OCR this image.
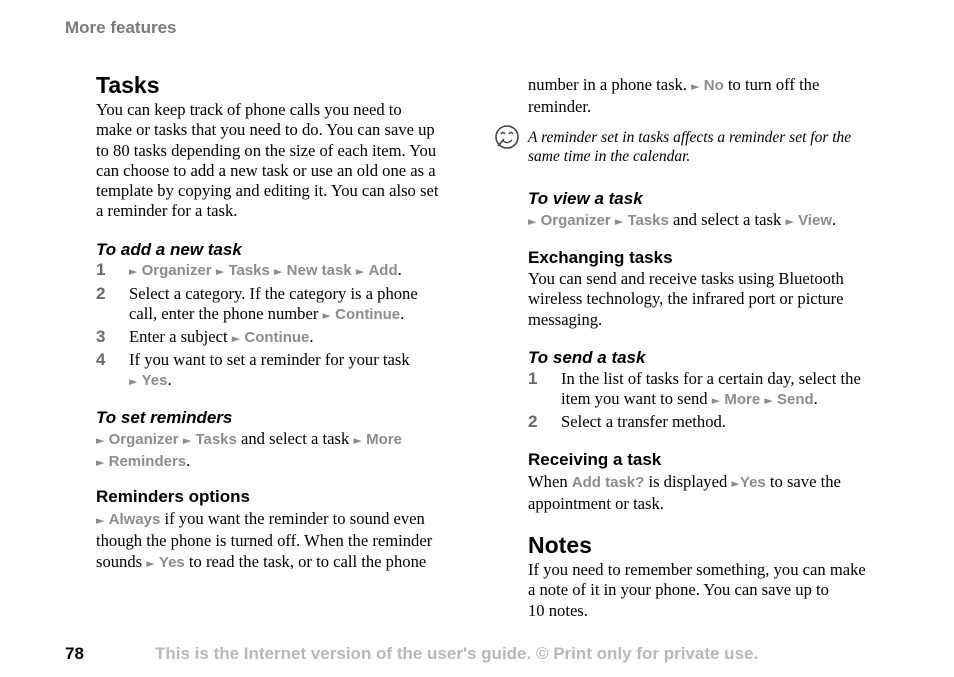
More features
Tasks
You can keep track of phone calls you need to
make or tasks that you need to do. You can save up
to 80 tasks depending on the size of each item. You
can choose to add a new task or use an old one as a
template by copying and editing it. You can also set
a reminder for a task.
To add a new task
1 ► Organizer ► Tasks ► New task ► Add.
2 Select a category. If the category is a phone
call, enter the phone number ► Continue.
3 Enter a subject ► Continue.
4 If you want to set a reminder for your task
► Yes.
To set reminders
► Organizer ► Tasks and select a task ► More
► Reminders.
Reminders options
► Always if you want the reminder to sound even
though the phone is turned off. When the reminder
sounds ► Yes to read the task, or to call the phone
number in a phone task. ► No to turn off the
reminder.
A reminder set in tasks affects a reminder set for the
same time in the calendar.
To view a task
► Organizer ► Tasks and select a task ► View.
Exchanging tasks
You can send and receive tasks using Bluetooth
wireless technology, the infrared port or picture
messaging.
To send a task
1 In the list of tasks for a certain day, select the
item you want to send ► More ► Send.
2 Select a transfer method.
Receiving a task
When Add task? is displayed ►Yes to save the
appointment or task.
Notes
If you need to remember something, you can make
a note of it in your phone. You can save up to
10 notes.
78	This is the Internet version of the user's guide. © Print only for private use.
